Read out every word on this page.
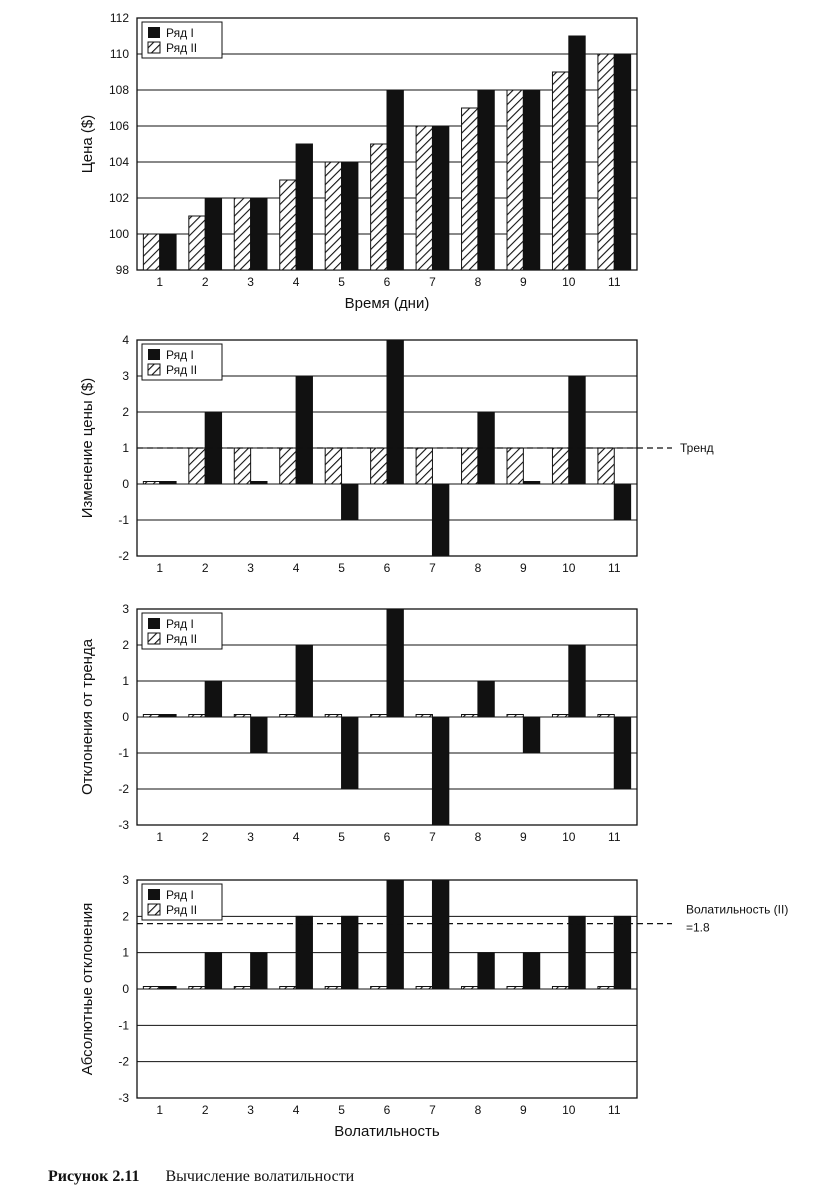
98
100
102
104
106
108
110
112
1	2	3	4	5	6	7	8	9	10	11
Ряд I
Ряд II
Цена ($)
Время (дни)
-2
-1
0
1
2
3
4
1	2	3	4	5	6	7	8	9	10	11
Тренд
Ряд I
Ряд II
Изменение цены ($)
-3
-2
-1
0
1
2
3
1	2	3	4	5	6	7	8	9	10	11
Ряд I
Ряд II
Отклонения от тренда
-3
-2
-1
0
1
2
3
1	2	3	4	5	6	7	8	9	10	11
Волатильность (II)
=1.8
Ряд I
Ряд II
Абсолютные отклонения
Волатильность
Рисунок 2.11 Вычисление волатильности
